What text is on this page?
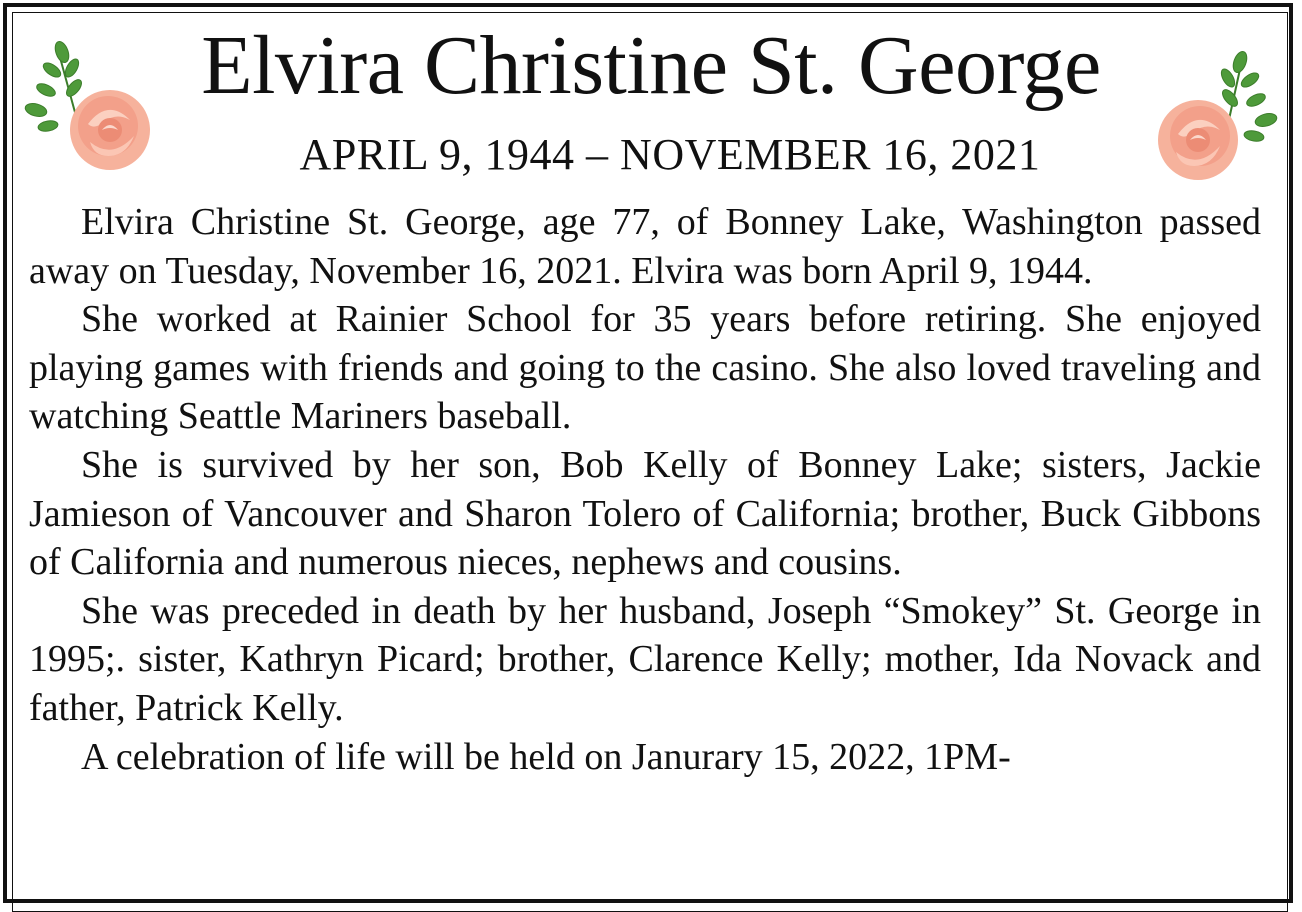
Elvira Christine St. George
APRIL 9, 1944 – NOVEMBER 16, 2021

Elvira Christine St. George, age 77, of Bonney Lake, Washington passed away on Tuesday, November 16, 2021. Elvira was born April 9, 1944.

She worked at Rainier School for 35 years before retiring. She enjoyed playing games with friends and going to the casino. She also loved traveling and watching Seattle Mariners baseball.

She is survived by her son, Bob Kelly of Bonney Lake; sisters, Jackie Jamieson of Vancouver and Sharon Tolero of California; brother, Buck Gibbons of California and numerous nieces, nephews and cousins.

She was preceded in death by her husband, Joseph “Smokey” St. George in 1995;. sister, Kathryn Picard; brother, Clarence Kelly; mother, Ida Novack and father, Patrick Kelly.

A celebration of life will be held on Janurary 15, 2022, 1PM-
